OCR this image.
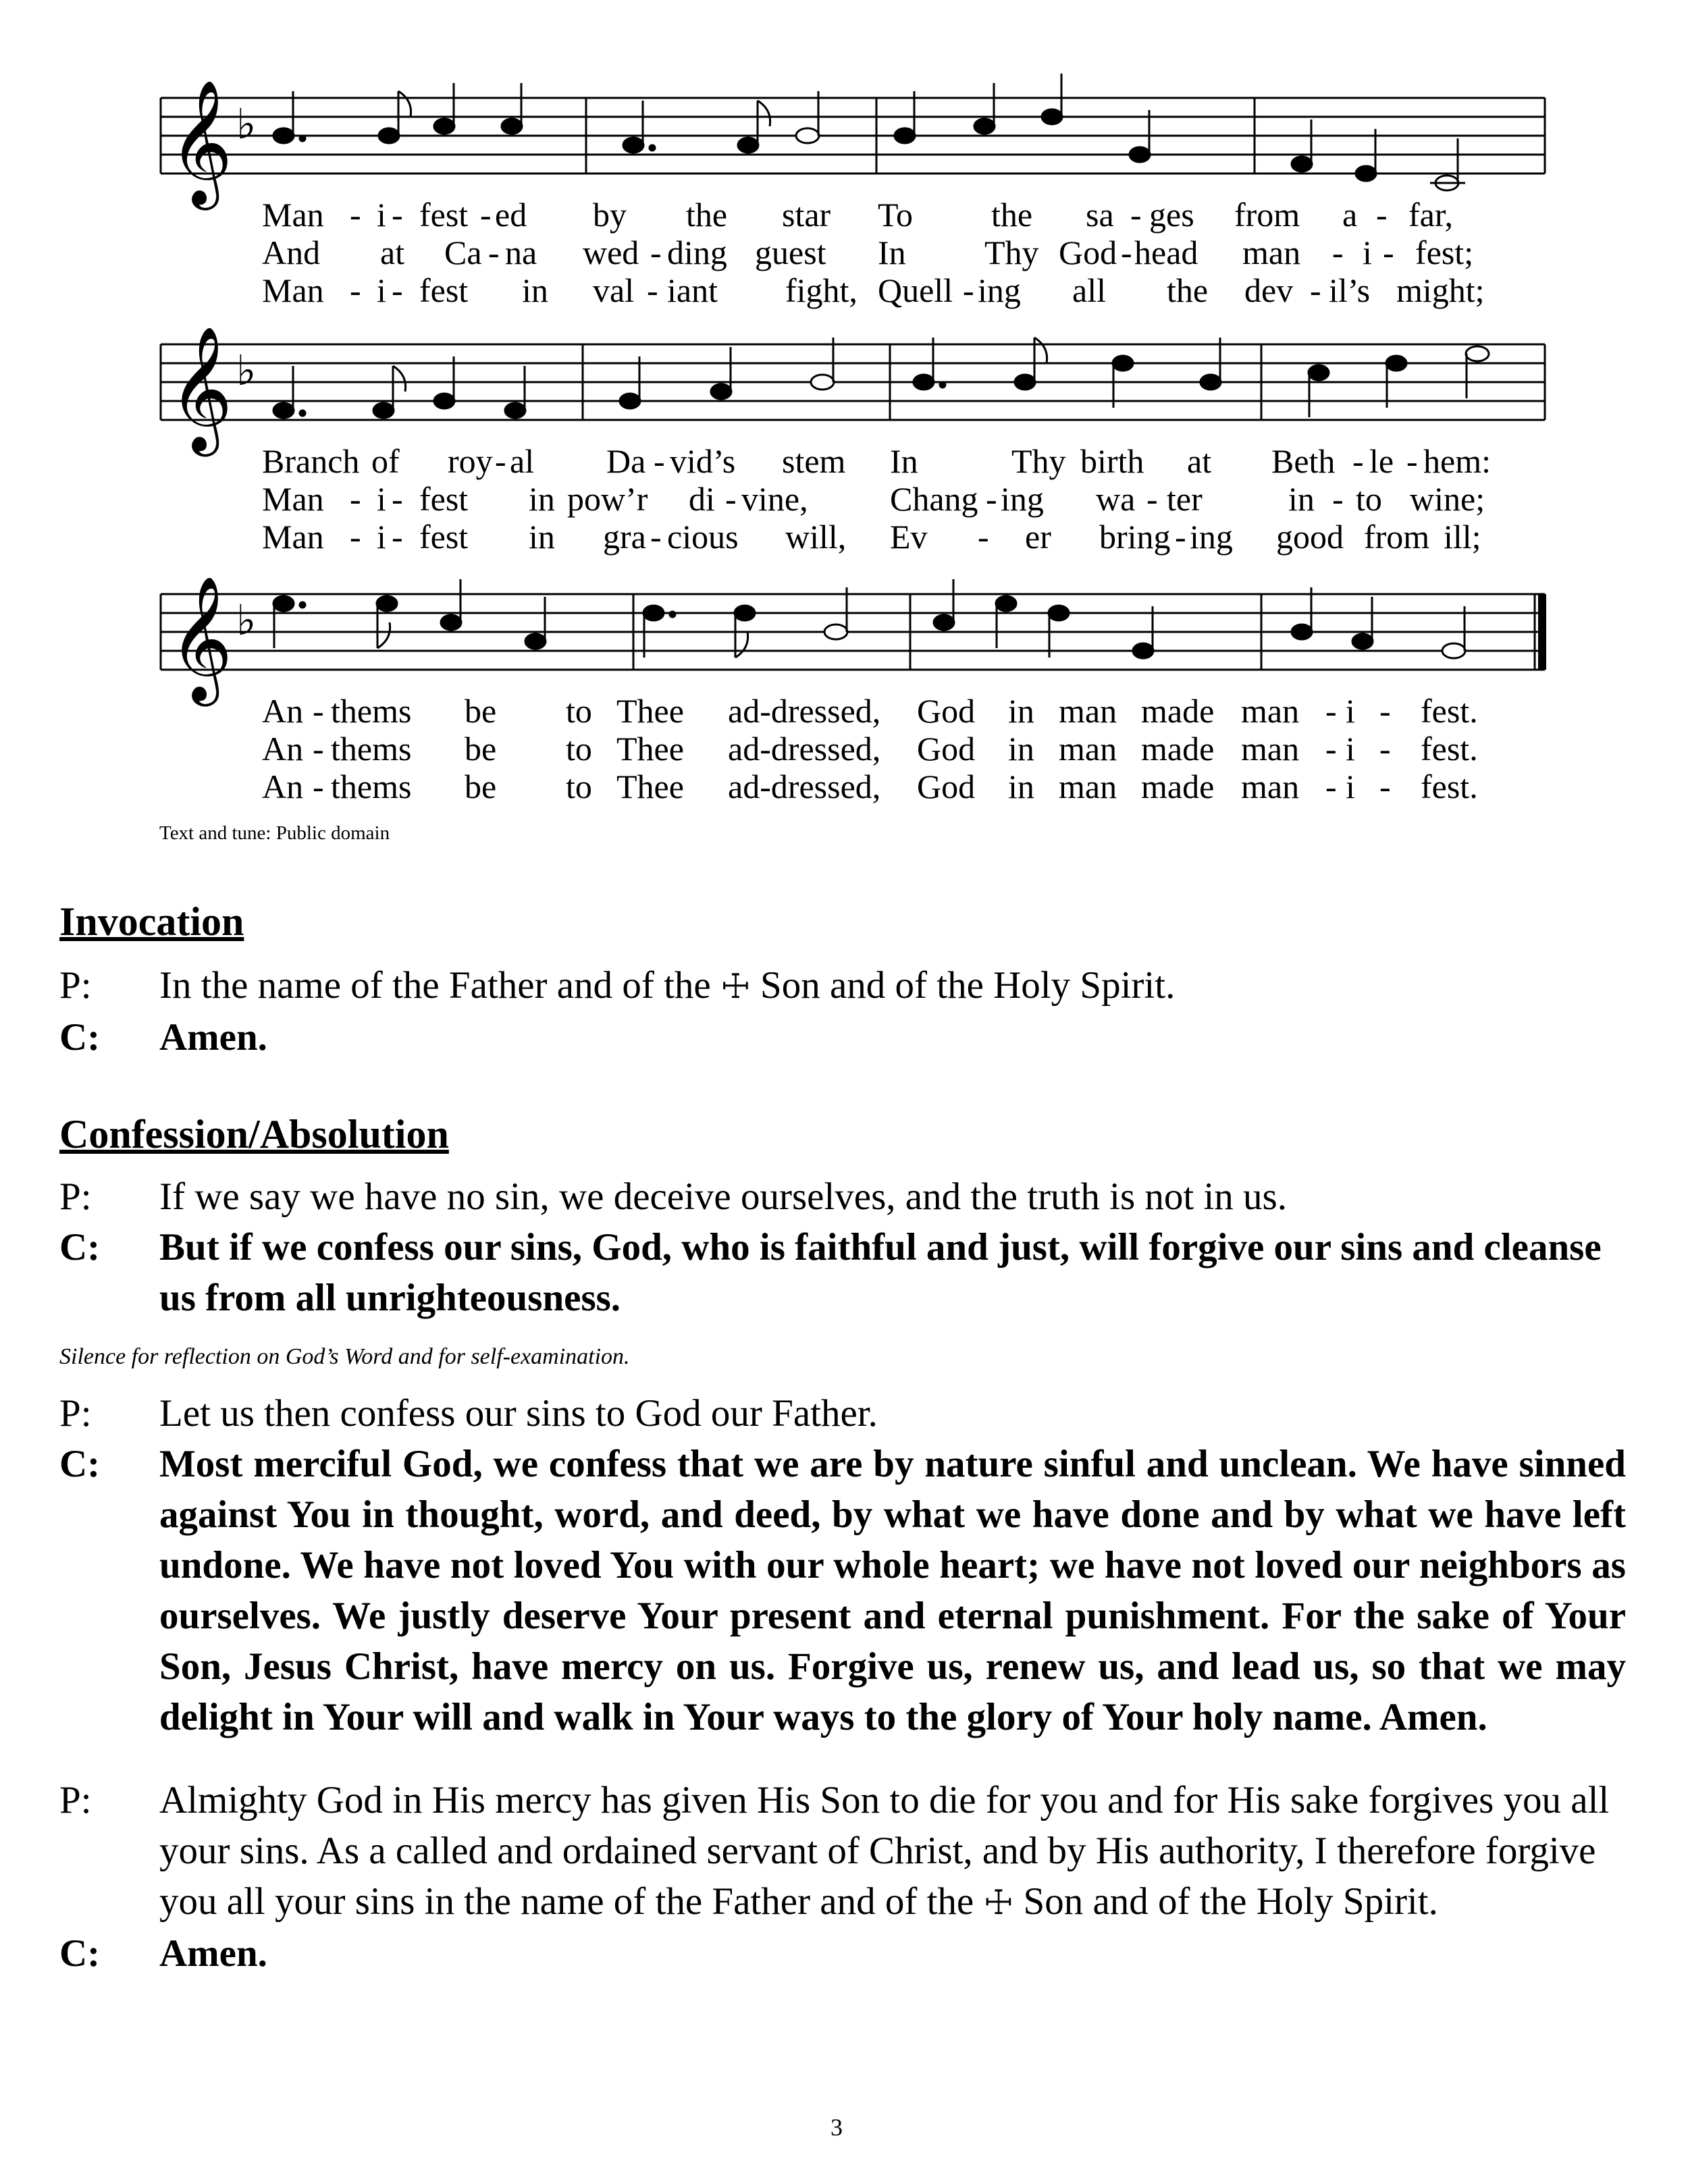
𝄞 ♭
Man - i - fest - ed by the star To the sa - ges from a - far,
And at Ca - na wed - ding guest In Thy God - head man - i - fest;
Man - i - fest in val - iant fight, Quell - ing all the dev - il’s might;
𝄞 ♭
Branch of roy - al Da - vid’s stem In	Thy birth at Beth - le - hem:
Man - i - fest in pow’r di - vine, Chang - ing wa - ter	in - to wine;
Man - i - fest in gra - cious will, Ev - er bring - ing good from ill;
𝄞 ♭
An - thems be to Thee ad-dressed, God in man made man - i - fest.
An - thems be to Thee ad-dressed, God in man made man - i - fest.
An - thems be to Thee ad-dressed, God in man made man - i - fest.
Text and tune: Public domain
Invocation
P:	In the name of the Father and of the ☩ Son and of the Holy Spirit.
C:	Amen.
Confession/Absolution
P:	If we say we have no sin, we deceive ourselves, and the truth is not in us.
C:	But if we confess our sins, God, who is faithful and just, will forgive our sins and cleanse us from all unrighteousness.
Silence for reflection on God’s Word and for self-examination.
P:	Let us then confess our sins to God our Father.
C:	Most merciful God, we confess that we are by nature sinful and unclean. We have sinned against You in thought, word, and deed, by what we have done and by what we have left undone. We have not loved You with our whole heart; we have not loved our neighbors as ourselves. We justly deserve Your present and eternal punishment. For the sake of Your Son, Jesus Christ, have mercy on us. Forgive us, renew us, and lead us, so that we may delight in Your will and walk in Your ways to the glory of Your holy name. Amen.
P:	Almighty God in His mercy has given His Son to die for you and for His sake forgives you all your sins. As a called and ordained servant of Christ, and by His authority, I therefore forgive you all your sins in the name of the Father and of the ☩ Son and of the Holy Spirit.
C:	Amen.
3
